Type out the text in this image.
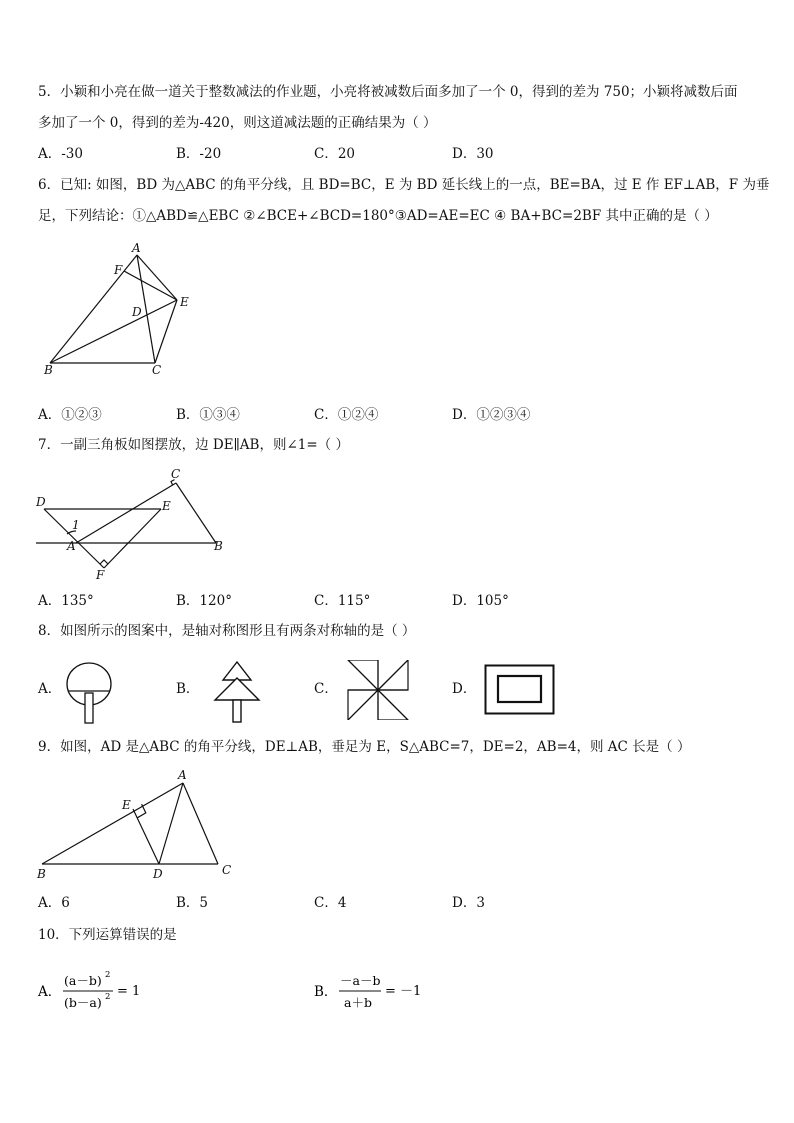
5．小颖和小亮在做一道关于整数减法的作业题，小亮将被减数后面多加了一个 0，得到的差为 750；小颖将减数后面
多加了一个 0，得到的差为-420，则这道减法题的正确结果为（ ）
A．-30	B．-20	C．20	D．30
6．已知: 如图，BD 为△ABC 的角平分线，且 BD=BC，E 为 BD 延长线上的一点，BE=BA，过 E 作 EF⊥AB，F 为垂
足，下列结论：①△ABD≌△EBC ②∠BCE+∠BCD=180°③AD=AE=EC ④ BA+BC=2BF 其中正确的是（ ）
A
F
E
D
B	C
A．①②③	B．①③④	C．①②④	D．①②③④
7．一副三角板如图摆放，边 DE∥AB，则∠1=（ ）
C
D	E
1
A	B
F
A．135°	B．120°	C．115°	D．105°
8．如图所示的图案中，是轴对称图形且有两条对称轴的是（ ）
A．	B．	C．	D．
9．如图，AD 是△ABC 的角平分线，DE⊥AB，垂足为 E，S△ABC=7，DE=2，AB=4，则 AC 长是（ ）
A
E
B	D	C
A．6	B．5	C．4	D．3
10．下列运算错误的是
A．
(a－b) 2
(b－a) 2 = 1	B．
－a－b
a＋b
= －1
